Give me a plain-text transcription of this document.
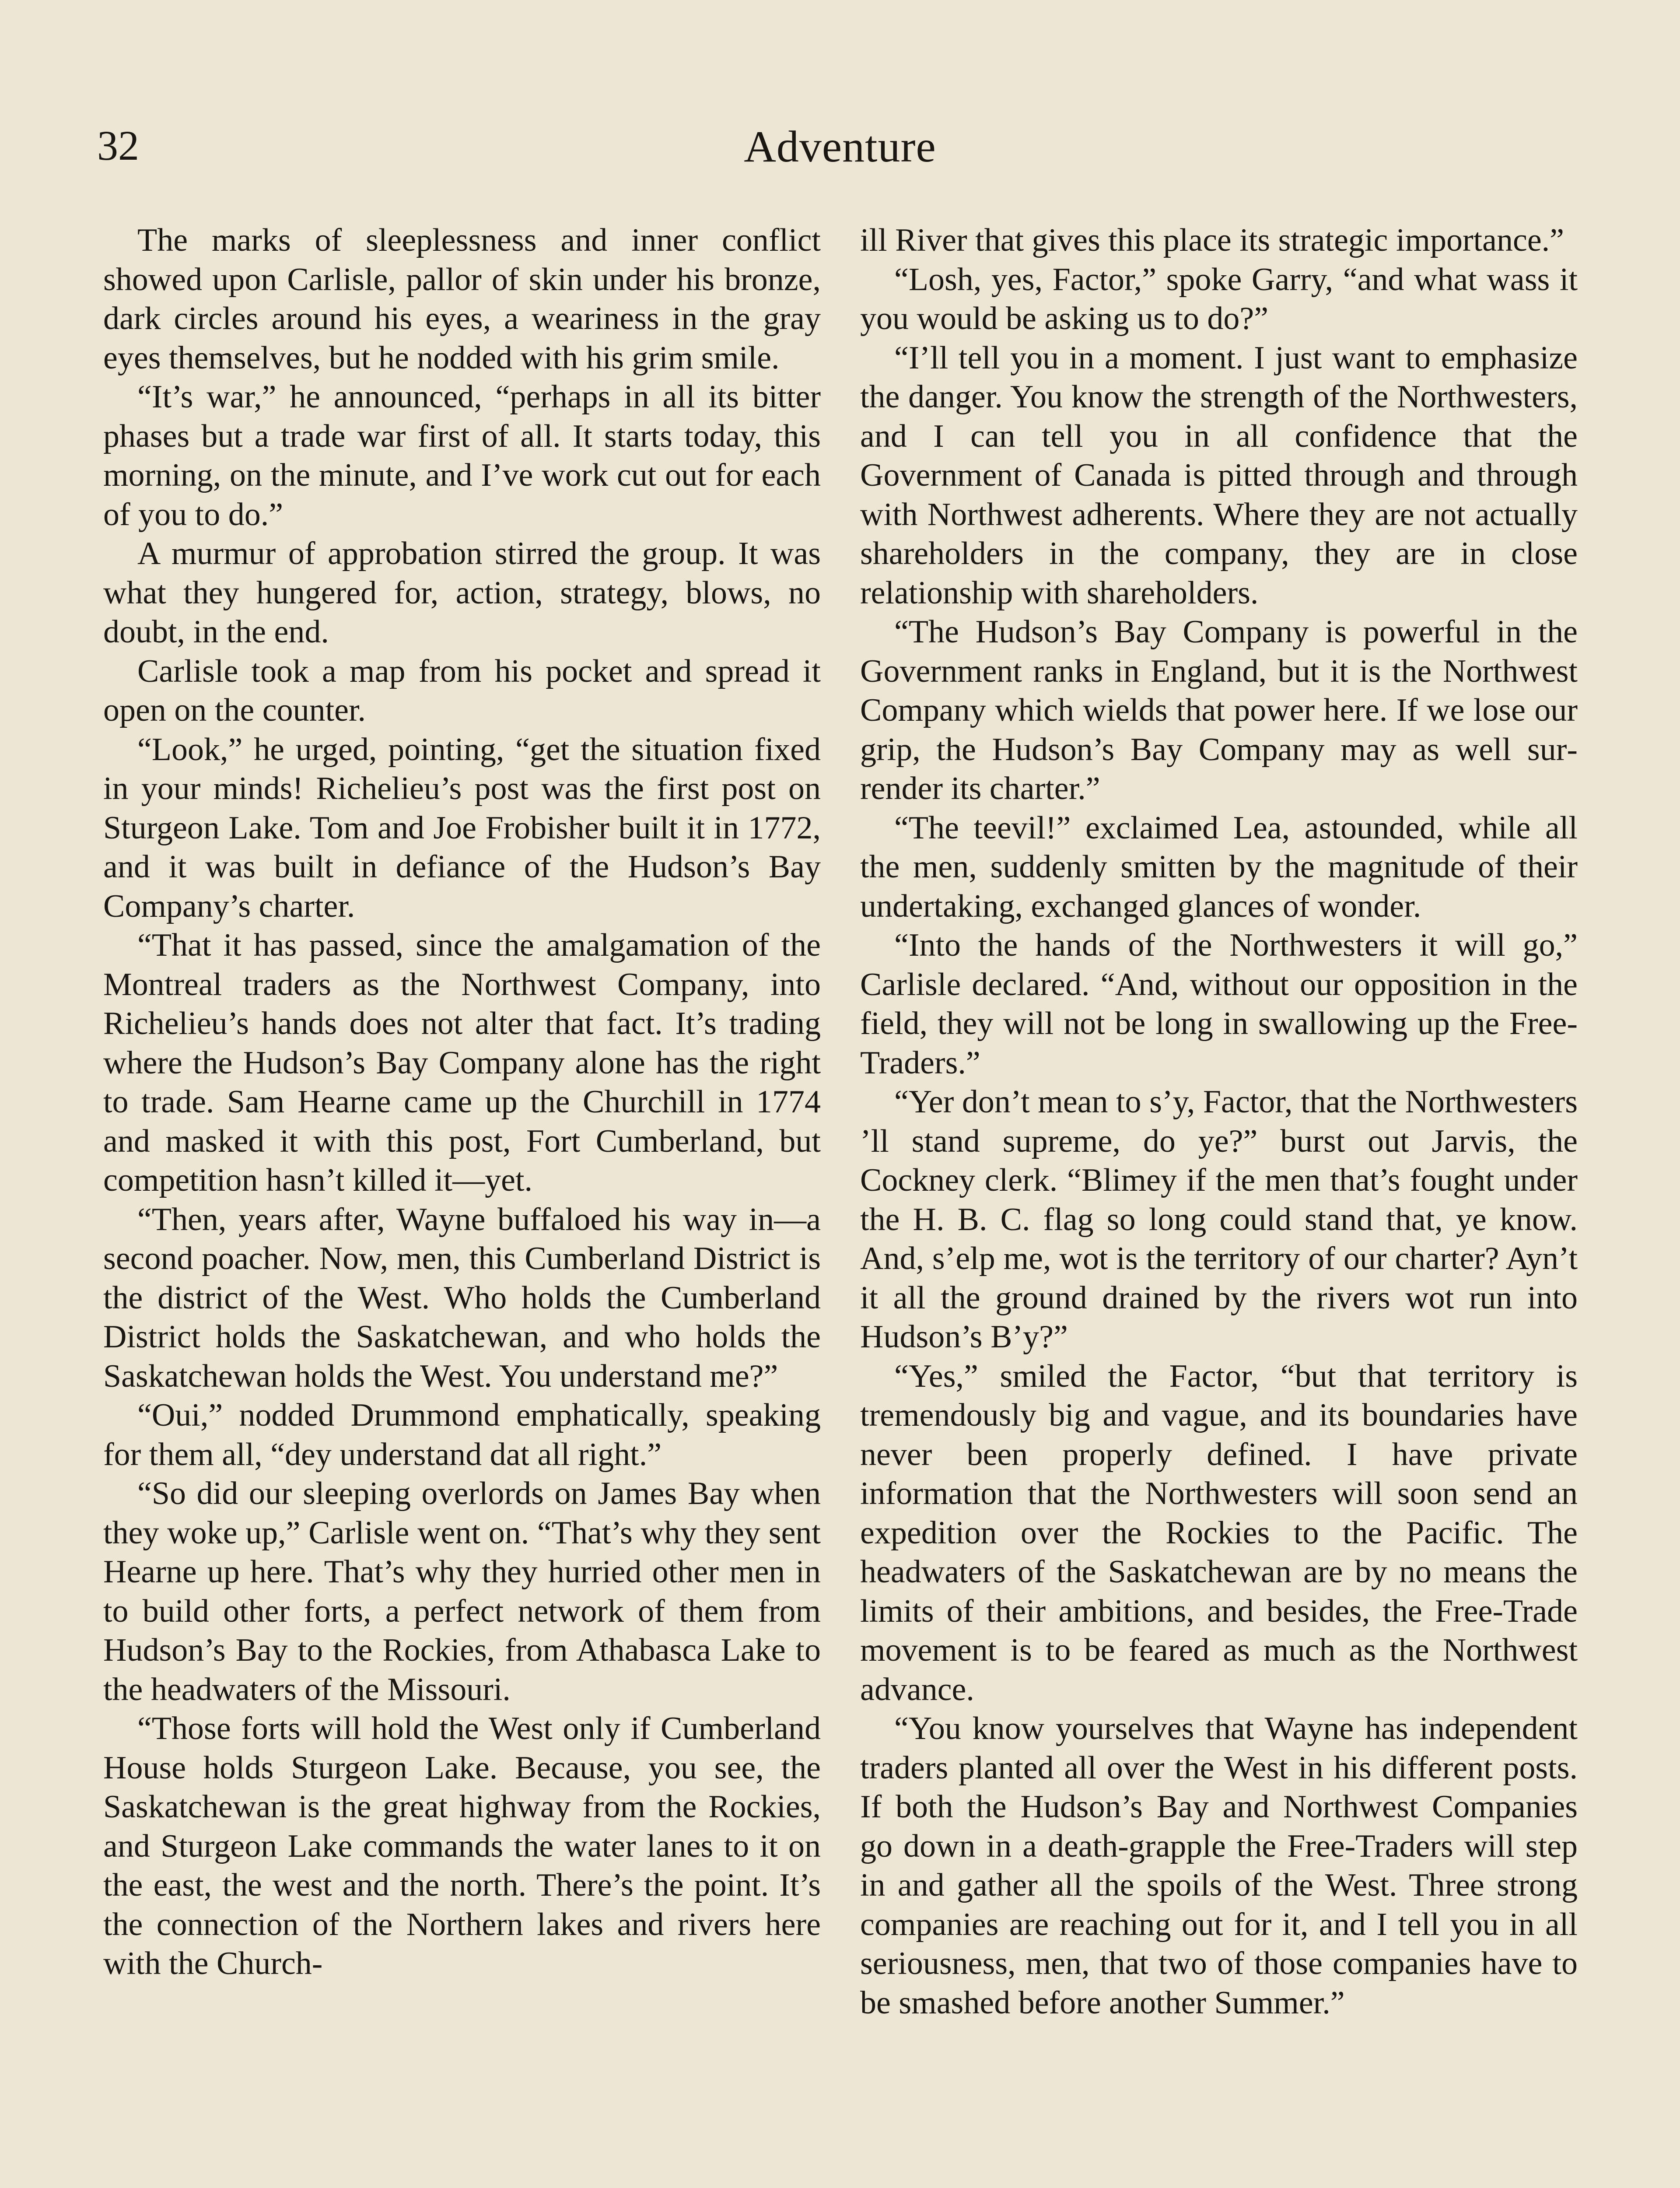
32	Adventure

The marks of sleeplessness and inner conflict showed upon Carlisle, pallor of skin under his bronze, dark circles around his eyes, a weariness in the gray eyes themselves, but he nodded with his grim smile.

“It’s war,” he announced, “perhaps in all its bitter phases but a trade war first of all. It starts today, this morning, on the minute, and I’ve work cut out for each of you to do.”

A murmur of approbation stirred the group. It was what they hungered for, action, strategy, blows, no doubt, in the end.

Carlisle took a map from his pocket and spread it open on the counter.

“Look,” he urged, pointing, “get the situation fixed in your minds! Richelieu’s post was the first post on Sturgeon Lake. Tom and Joe Frobisher built it in 1772, and it was built in defiance of the Hudson’s Bay Company’s charter.

“That it has passed, since the amalgamation of the Montreal traders as the Northwest Company, into Richelieu’s hands does not alter that fact. It’s trading where the Hudson’s Bay Company alone has the right to trade. Sam Hearne came up the Churchill in 1774 and masked it with this post, Fort Cumberland, but competition hasn’t killed it—yet.

“Then, years after, Wayne buffaloed his way in—a second poacher. Now, men, this Cumberland District is the district of the West. Who holds the Cumberland District holds the Saskatchewan, and who holds the Saskatchewan holds the West. You understand me?”

“Oui,” nodded Drummond emphatically, speaking for them all, “dey understand dat all right.”

“So did our sleeping overlords on James Bay when they woke up,” Carlisle went on. “That’s why they sent Hearne up here. That’s why they hurried other men in to build other forts, a perfect network of them from Hudson’s Bay to the Rockies, from Athabasca Lake to the headwaters of the Missouri.

“Those forts will hold the West only if Cumberland House holds Sturgeon Lake. Because, you see, the Saskatchewan is the great highway from the Rockies, and Sturgeon Lake commands the water lanes to it on the east, the west and the north. There’s the point. It’s the connection of the Northern lakes and rivers here with the Church-

ill River that gives this place its strategic importance.”

“Losh, yes, Factor,” spoke Garry, “and what wass it you would be asking us to do?”

“I’ll tell you in a moment. I just want to emphasize the danger. You know the strength of the Northwesters, and I can tell you in all confidence that the Government of Canada is pitted through and through with Northwest adherents. Where they are not actually shareholders in the company, they are in close relationship with shareholders.

“The Hudson’s Bay Company is powerful in the Government ranks in England, but it is the Northwest Company which wields that power here. If we lose our grip, the Hudson’s Bay Company may as well surrender its charter.”

“The teevil!” exclaimed Lea, astounded, while all the men, suddenly smitten by the magnitude of their undertaking, exchanged glances of wonder.

“Into the hands of the Northwesters it will go,” Carlisle declared. “And, without our opposition in the field, they will not be long in swallowing up the Free-Traders.”

“Yer don’t mean to s’y, Factor, that the Northwesters ’ll stand supreme, do ye?” burst out Jarvis, the Cockney clerk. “Blimey if the men that’s fought under the H. B. C. flag so long could stand that, ye know. And, s’elp me, wot is the territory of our charter? Ayn’t it all the ground drained by the rivers wot run into Hudson’s B’y?”

“Yes,” smiled the Factor, “but that territory is tremendously big and vague, and its boundaries have never been properly defined. I have private information that the Northwesters will soon send an expedition over the Rockies to the Pacific. The headwaters of the Saskatchewan are by no means the limits of their ambitions, and besides, the Free-Trade movement is to be feared as much as the Northwest advance.

“You know yourselves that Wayne has independent traders planted all over the West in his different posts. If both the Hudson’s Bay and Northwest Companies go down in a death-grapple the Free-Traders will step in and gather all the spoils of the West. Three strong companies are reaching out for it, and I tell you in all seriousness, men, that two of those companies have to be smashed before another Summer.”
